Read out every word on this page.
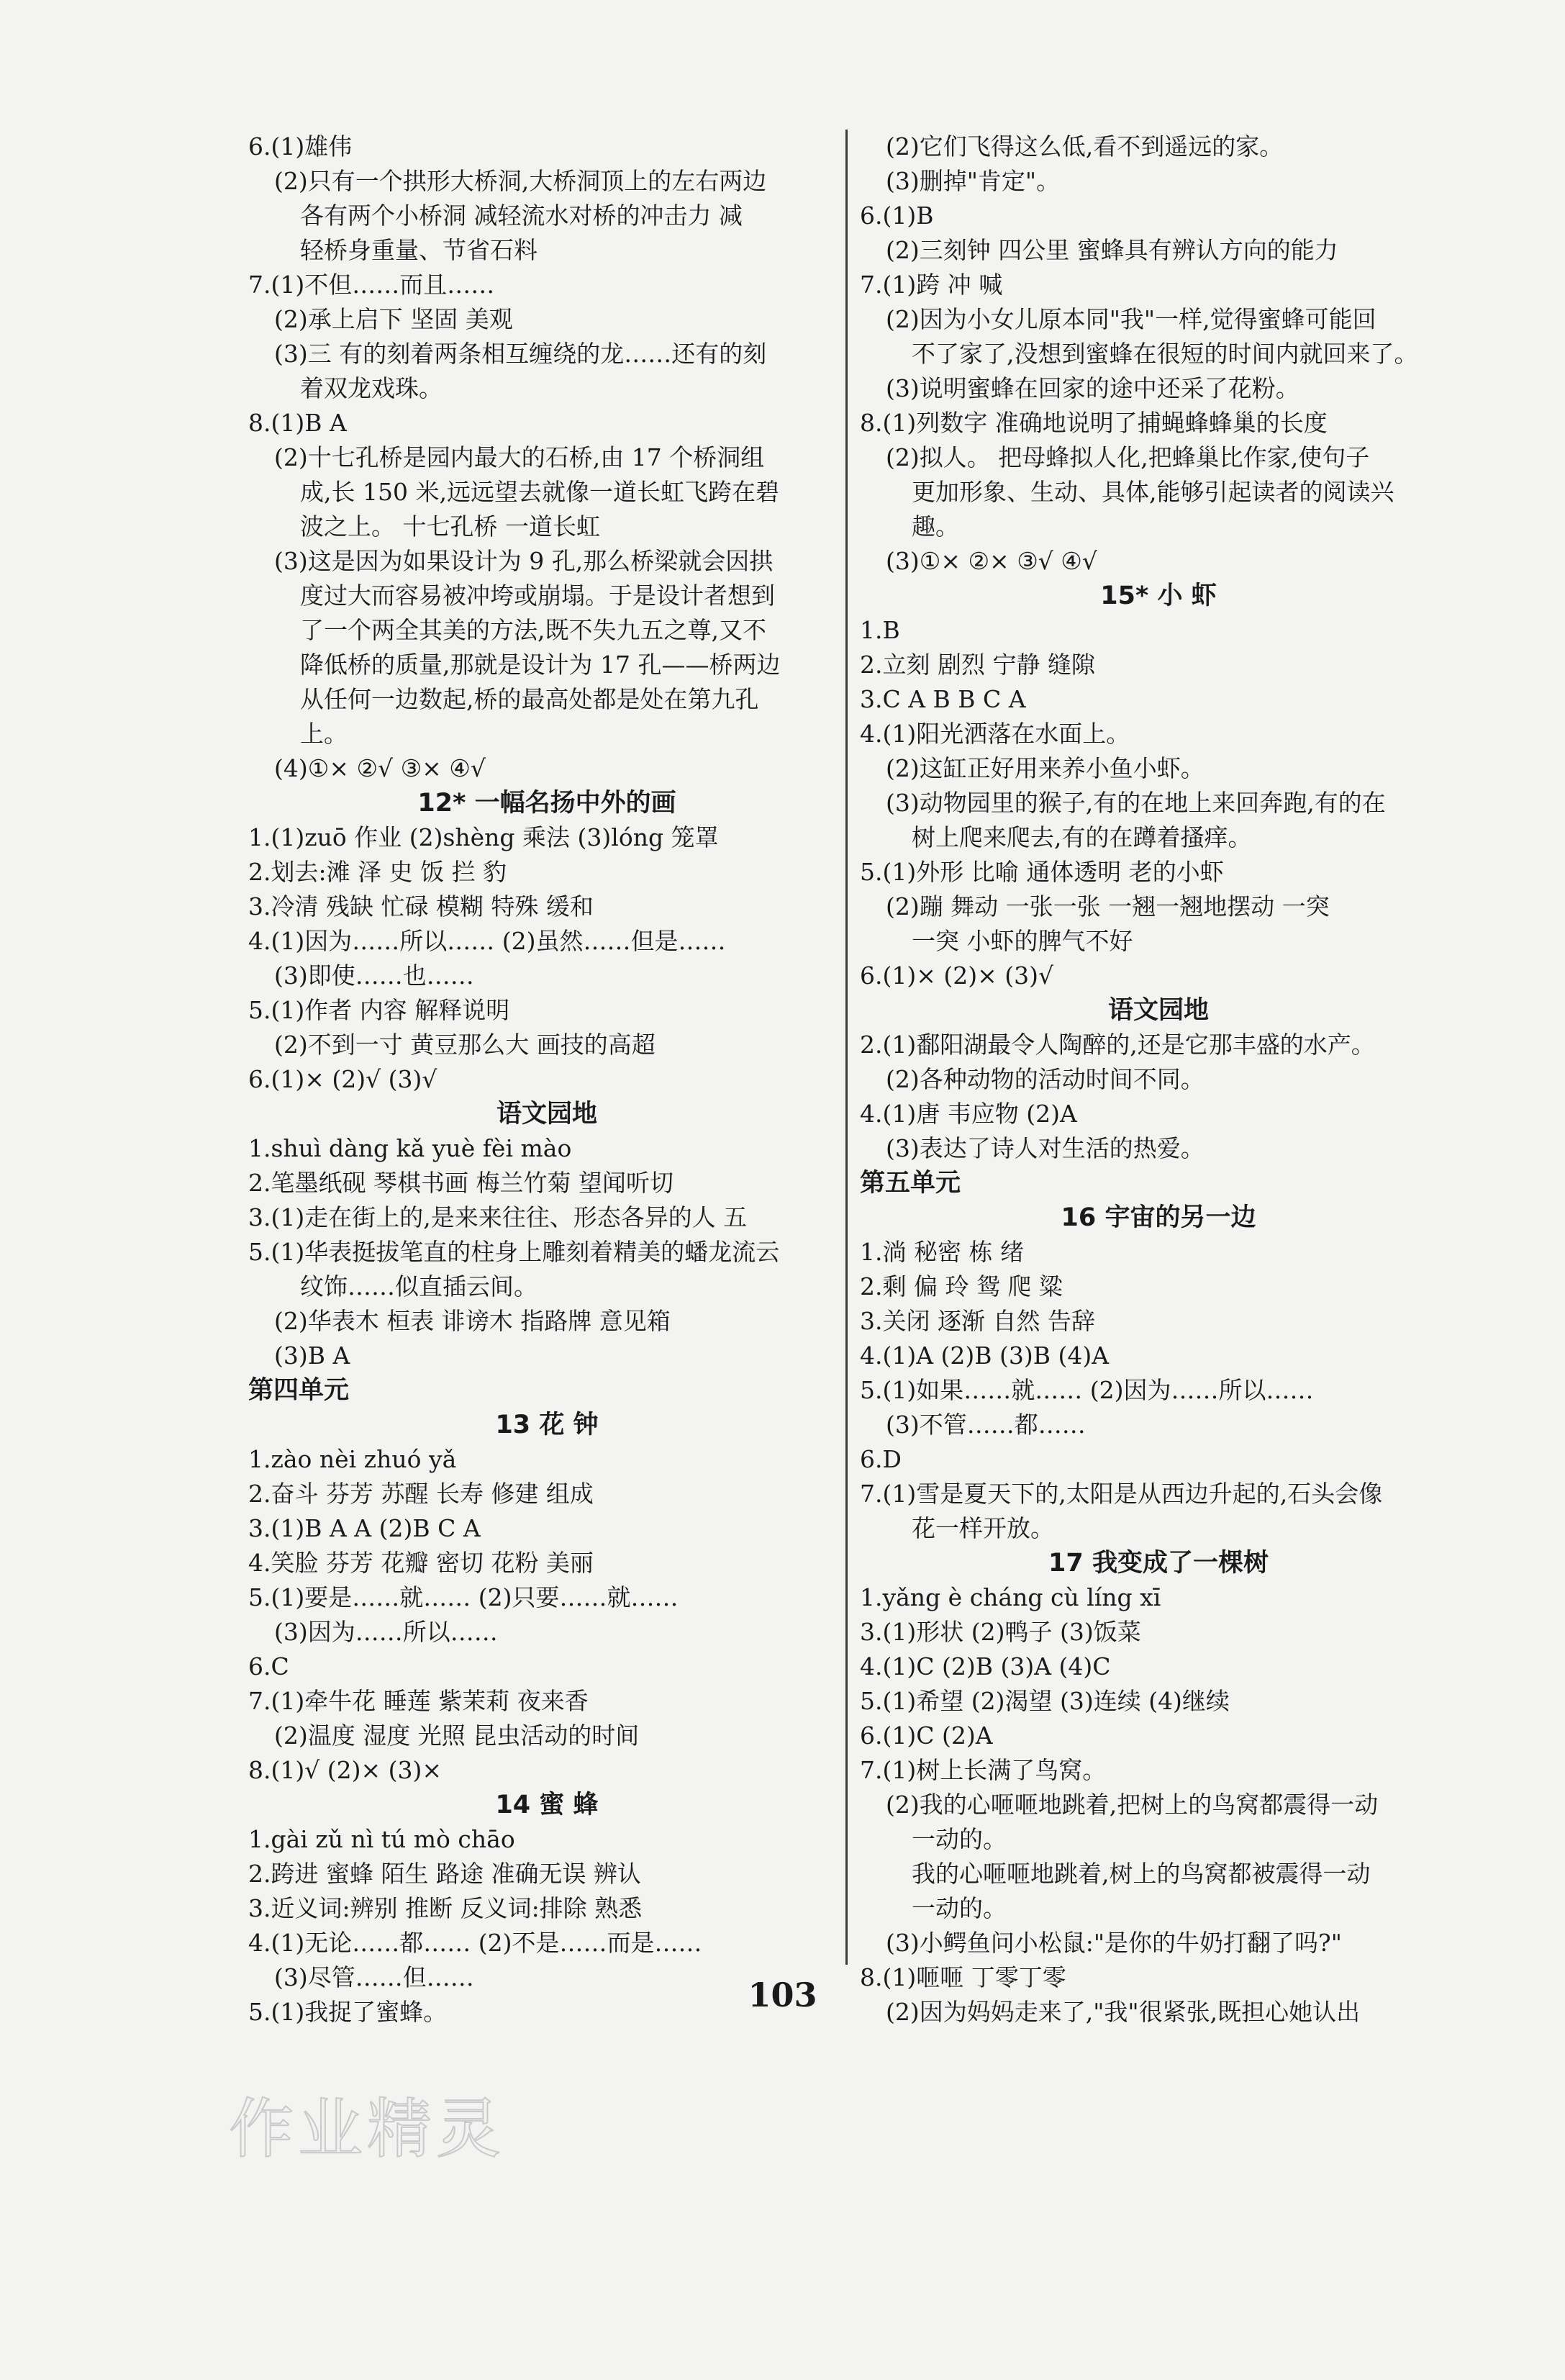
6.(1)雄伟
(2)只有一个拱形大桥洞,大桥洞顶上的左右两边
各有两个小桥洞 减轻流水对桥的冲击力 减
轻桥身重量、节省石料
7.(1)不但……而且……
(2)承上启下 坚固 美观
(3)三 有的刻着两条相互缠绕的龙……还有的刻
着双龙戏珠。
8.(1)B A
(2)十七孔桥是园内最大的石桥,由 17 个桥洞组
成,长 150 米,远远望去就像一道长虹飞跨在碧
波之上。 十七孔桥 一道长虹
(3)这是因为如果设计为 9 孔,那么桥梁就会因拱
度过大而容易被冲垮或崩塌。于是设计者想到
了一个两全其美的方法,既不失九五之尊,又不
降低桥的质量,那就是设计为 17 孔——桥两边
从任何一边数起,桥的最高处都是处在第九孔
上。
(4)①× ②√ ③× ④√
12* 一幅名扬中外的画
1.(1)zuō 作业 (2)shèng 乘法 (3)lóng 笼罩
2.划去:滩 泽 史 饭 拦 豹
3.冷清 残缺 忙碌 模糊 特殊 缓和
4.(1)因为……所以…… (2)虽然……但是……
(3)即使……也……
5.(1)作者 内容 解释说明
(2)不到一寸 黄豆那么大 画技的高超
6.(1)× (2)√ (3)√
语文园地
1.shuì dàng kǎ yuè fèi mào
2.笔墨纸砚 琴棋书画 梅兰竹菊 望闻听切
3.(1)走在街上的,是来来往往、形态各异的人 五
5.(1)华表挺拔笔直的柱身上雕刻着精美的蟠龙流云
纹饰……似直插云间。
(2)华表木 桓表 诽谤木 指路牌 意见箱
(3)B A
第四单元
13 花 钟
1.zào nèi zhuó yǎ
2.奋斗 芬芳 苏醒 长寿 修建 组成
3.(1)B A A (2)B C A
4.笑脸 芬芳 花瓣 密切 花粉 美丽
5.(1)要是……就…… (2)只要……就……
(3)因为……所以……
6.C
7.(1)牵牛花 睡莲 紫茉莉 夜来香
(2)温度 湿度 光照 昆虫活动的时间
8.(1)√ (2)× (3)×
14 蜜 蜂
1.gài zǔ nì tú mò chāo
2.跨进 蜜蜂 陌生 路途 准确无误 辨认
3.近义词:辨别 推断 反义词:排除 熟悉
4.(1)无论……都…… (2)不是……而是……
(3)尽管……但……
5.(1)我捉了蜜蜂。
(2)它们飞得这么低,看不到遥远的家。
(3)删掉"肯定"。
6.(1)B
(2)三刻钟 四公里 蜜蜂具有辨认方向的能力
7.(1)跨 冲 喊
(2)因为小女儿原本同"我"一样,觉得蜜蜂可能回
不了家了,没想到蜜蜂在很短的时间内就回来了。
(3)说明蜜蜂在回家的途中还采了花粉。
8.(1)列数字 准确地说明了捕蝇蜂蜂巢的长度
(2)拟人。 把母蜂拟人化,把蜂巢比作家,使句子
更加形象、生动、具体,能够引起读者的阅读兴
趣。
(3)①× ②× ③√ ④√
15* 小 虾
1.B
2.立刻 剧烈 宁静 缝隙
3.C A B B C A
4.(1)阳光洒落在水面上。
(2)这缸正好用来养小鱼小虾。
(3)动物园里的猴子,有的在地上来回奔跑,有的在
树上爬来爬去,有的在蹲着搔痒。
5.(1)外形 比喻 通体透明 老的小虾
(2)蹦 舞动 一张一张 一翘一翘地摆动 一突
一突 小虾的脾气不好
6.(1)× (2)× (3)√
语文园地
2.(1)鄱阳湖最令人陶醉的,还是它那丰盛的水产。
(2)各种动物的活动时间不同。
4.(1)唐 韦应物 (2)A
(3)表达了诗人对生活的热爱。
第五单元
16 宇宙的另一边
1.淌 秘密 栋 绪
2.剩 偏 玲 鸳 爬 粱
3.关闭 逐渐 自然 告辞
4.(1)A (2)B (3)B (4)A
5.(1)如果……就…… (2)因为……所以……
(3)不管……都……
6.D
7.(1)雪是夏天下的,太阳是从西边升起的,石头会像
花一样开放。
17 我变成了一棵树
1.yǎng è cháng cù líng xī
3.(1)形状 (2)鸭子 (3)饭菜
4.(1)C (2)B (3)A (4)C
5.(1)希望 (2)渴望 (3)连续 (4)继续
6.(1)C (2)A
7.(1)树上长满了鸟窝。
(2)我的心咂咂地跳着,把树上的鸟窝都震得一动
一动的。
我的心咂咂地跳着,树上的鸟窝都被震得一动
一动的。
(3)小鳄鱼问小松鼠:"是你的牛奶打翻了吗?"
8.(1)咂咂 丁零丁零
(2)因为妈妈走来了,"我"很紧张,既担心她认出
103
作业精灵
